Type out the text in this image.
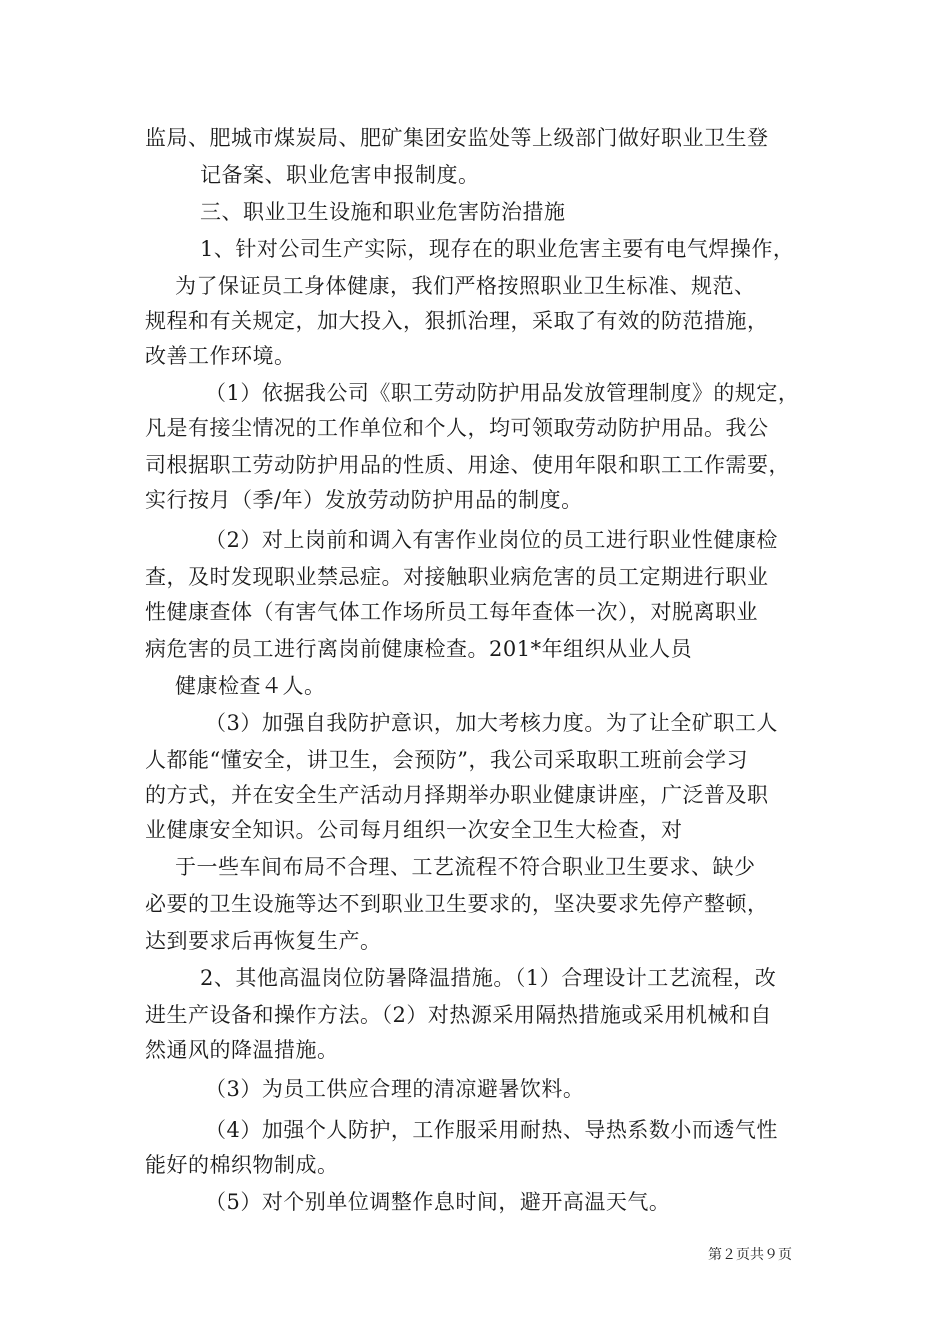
监局、肥城市煤炭局、肥矿集团安监处等上级部门做好职业卫生登
记备案、职业危害申报制度。
三、职业卫生设施和职业危害防治措施
1、针对公司生产实际，现存在的职业危害主要有电气焊操作，
为了保证员工身体健康，我们严格按照职业卫生标准、规范、
规程和有关规定，加大投入，狠抓治理，采取了有效的防范措施，
改善工作环境。
（1）依据我公司《职工劳动防护用品发放管理制度》的规定，
凡是有接尘情况的工作单位和个人，均可领取劳动防护用品。我公
司根据职工劳动防护用品的性质、用途、使用年限和职工工作需要，
实行按月（季/年）发放劳动防护用品的制度。
（2）对上岗前和调入有害作业岗位的员工进行职业性健康检
查，及时发现职业禁忌症。对接触职业病危害的员工定期进行职业
性健康查体（有害气体工作场所员工每年查体一次），对脱离职业
病危害的员工进行离岗前健康检查。201*年组织从业人员
健康检查４人。
（3）加强自我防护意识，加大考核力度。为了让全矿职工人
人都能“懂安全，讲卫生，会预防”，我公司采取职工班前会学习
的方式，并在安全生产活动月择期举办职业健康讲座，广泛普及职
业健康安全知识。公司每月组织一次安全卫生大检查，对
于一些车间布局不合理、工艺流程不符合职业卫生要求、缺少
必要的卫生设施等达不到职业卫生要求的，坚决要求先停产整顿，
达到要求后再恢复生产。
2、其他高温岗位防暑降温措施。（1）合理设计工艺流程，改
进生产设备和操作方法。（2）对热源采用隔热措施或采用机械和自
然通风的降温措施。
（3）为员工供应合理的清凉避暑饮料。
（4）加强个人防护，工作服采用耐热、导热系数小而透气性
能好的棉织物制成。
（5）对个别单位调整作息时间，避开高温天气。
第２页共９页
